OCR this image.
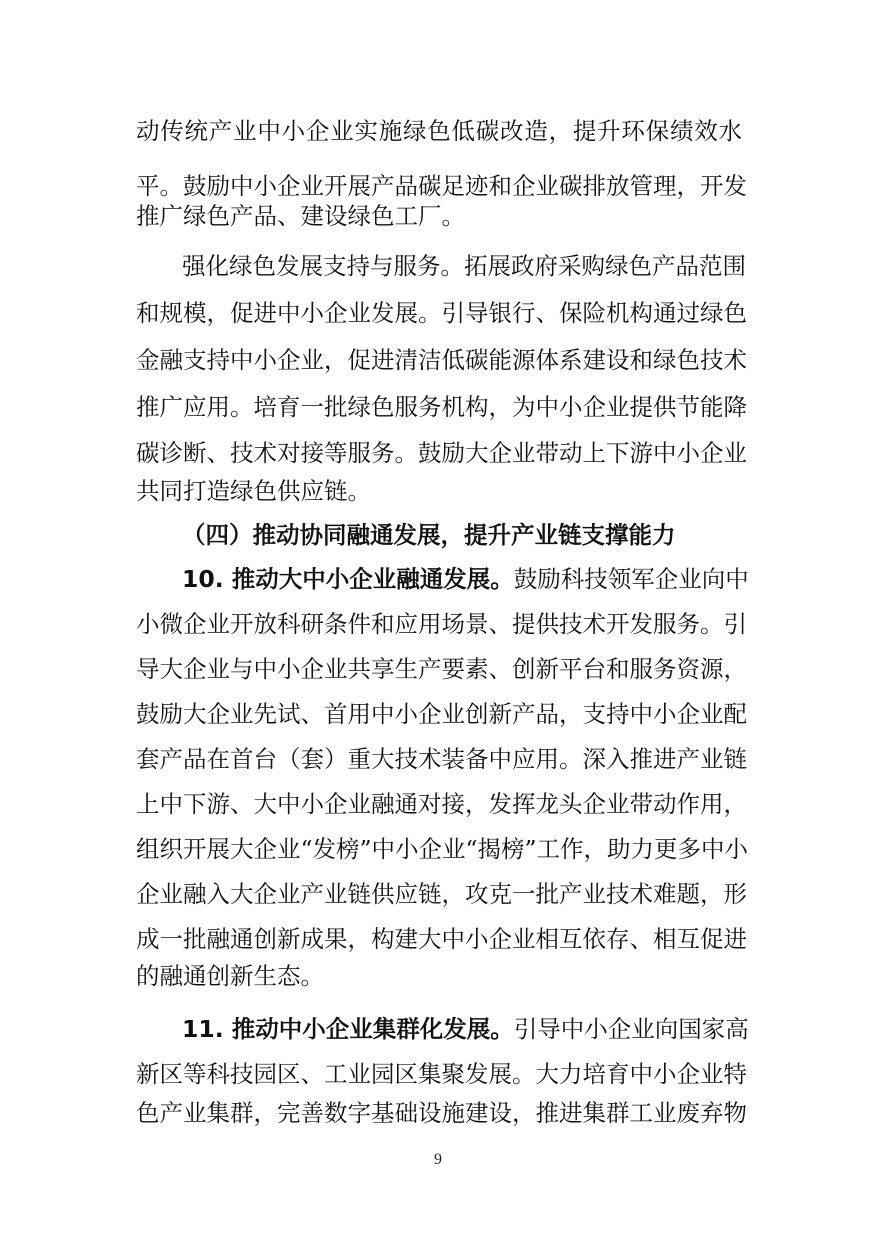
动传统产业中小企业实施绿色低碳改造，提升环保绩效水
平。鼓励中小企业开展产品碳足迹和企业碳排放管理，开发
推广绿色产品、建设绿色工厂。
强化绿色发展支持与服务。拓展政府采购绿色产品范围
和规模，促进中小企业发展。引导银行、保险机构通过绿色
金融支持中小企业，促进清洁低碳能源体系建设和绿色技术
推广应用。培育一批绿色服务机构，为中小企业提供节能降
碳诊断、技术对接等服务。鼓励大企业带动上下游中小企业
共同打造绿色供应链。
（四）推动协同融通发展，提升产业链支撑能力
10. 推动大中小企业融通发展。鼓励科技领军企业向中
小微企业开放科研条件和应用场景、提供技术开发服务。引
导大企业与中小企业共享生产要素、创新平台和服务资源，
鼓励大企业先试、首用中小企业创新产品，支持中小企业配
套产品在首台（套）重大技术装备中应用。深入推进产业链
上中下游、大中小企业融通对接，发挥龙头企业带动作用，
组织开展大企业“发榜”中小企业“揭榜”工作，助力更多中小
企业融入大企业产业链供应链，攻克一批产业技术难题，形
成一批融通创新成果，构建大中小企业相互依存、相互促进
的融通创新生态。
11. 推动中小企业集群化发展。引导中小企业向国家高
新区等科技园区、工业园区集聚发展。大力培育中小企业特
色产业集群，完善数字基础设施建设，推进集群工业废弃物
9
